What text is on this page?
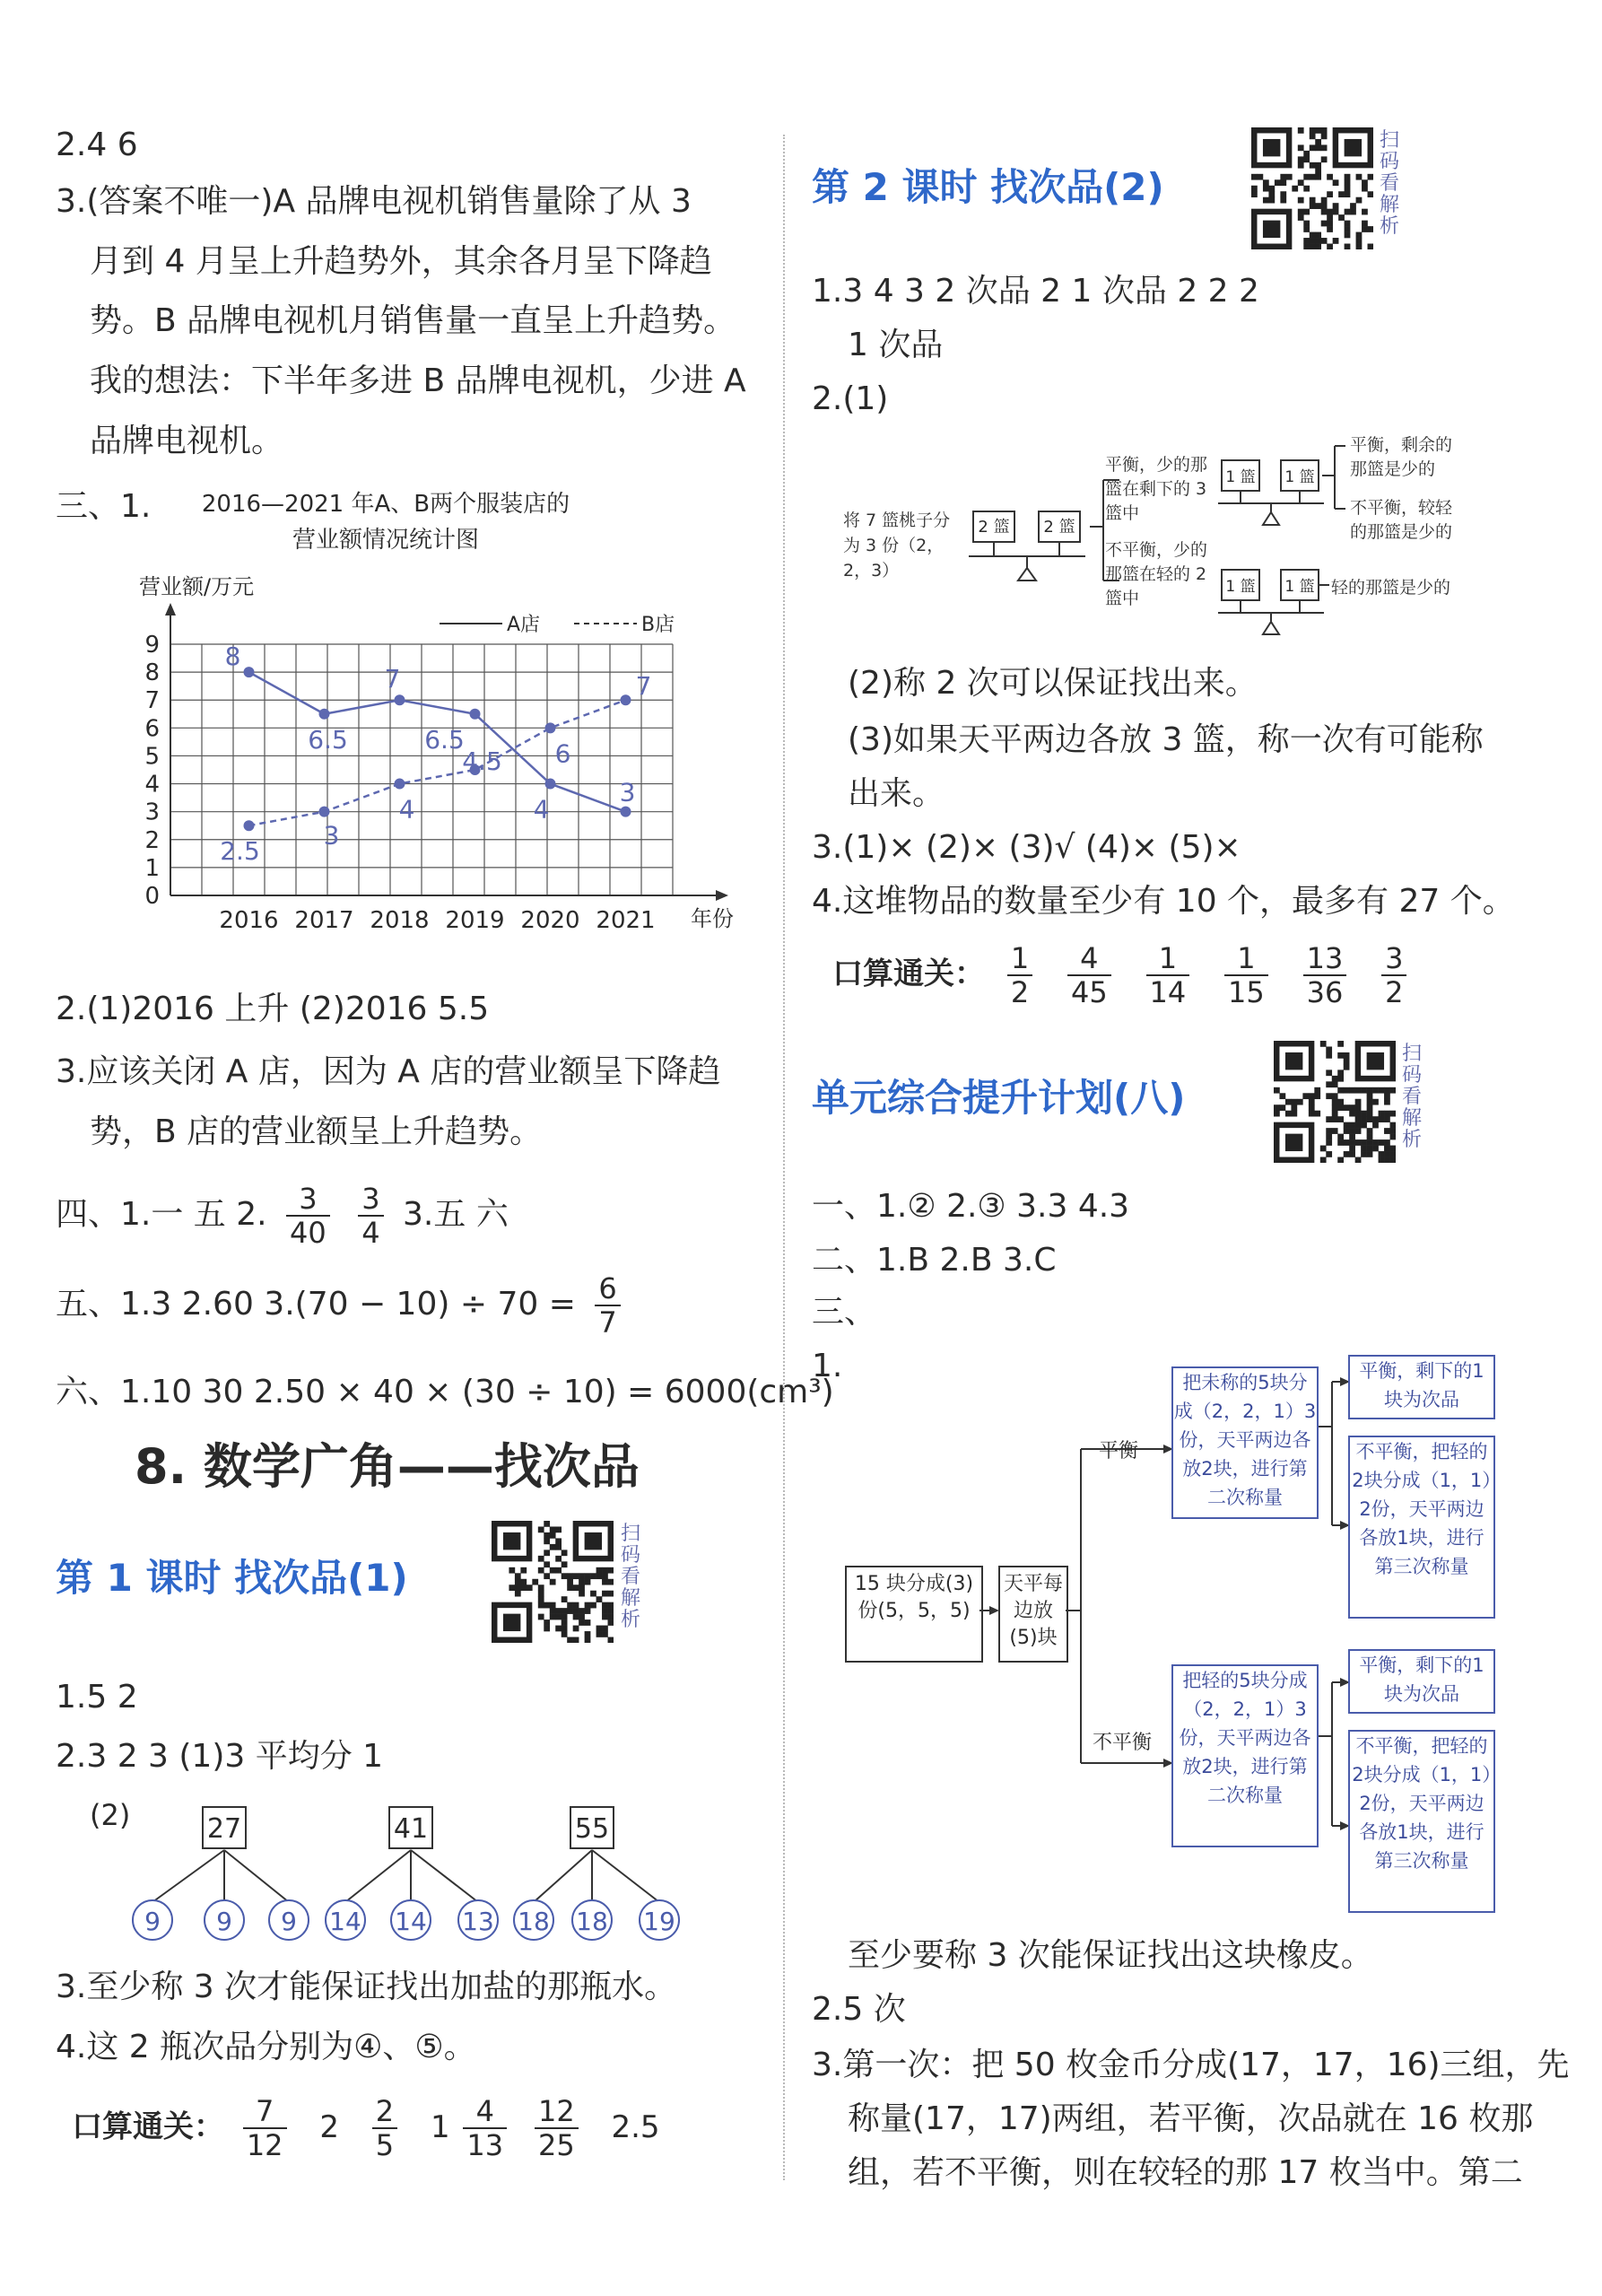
2.4 6
3.(答案不唯一)A 品牌电视机销售量除了从 3
月到 4 月呈上升趋势外，其余各月呈下降趋
势。B 品牌电视机月销售量一直呈上升趋势。
我的想法：下半年多进 B 品牌电视机，少进 A
品牌电视机。
三、1. 2016—2021 年A、B两个服装店的
营业额情况统计图
营业额/万元
年份
0
1
2
3
4
5
6
7
8
9
2016 2017 2018 2019 2020 2021
A店	B店
8
6.5
7
6.5
4
3
2.5
3
4
4.5 6
7
2.(1)2016 上升 (2)2016 5.5
3.应该关闭 A 店，因为 A 店的营业额呈下降趋
势，B 店的营业额呈上升趋势。
四、1.一 五 2. $\frac{3}{40}$
$\frac{3}{4} 3$.五 六
五、1.3 2.60 $3.(70 - 10) \div 70 = \frac{6}{7}$
六、1.10 30 2.50 × 40 × (30 ÷ 10) = 6000(cm³)
8. 数学广角——找次品
第 1 课时 找次品(1)
扫码看解析
1.5 2
2.3 2 3 (1)3 平均分 1
(2)	27	41	55
9 9 9 14 14 13 18 18 19
3.至少称 3 次才能保证找出加盐的那瓶水。
4.这 2 瓶次品分别为④、⑤。
口算通关： $\frac{7}{12} 2 \frac{2}{5} 1 \frac{4}{13}$
$\frac{12}{25} 2.5$
第 2 课时 找次品(2)
扫码看解析
1.3 4 3 2 次品 2 1 次品 2 2 2
1 次品
2.(1)
将 7 篮桃子分为 3 份（2，2，3）
2 篮 2 篮
平衡，少的那篮在剩下的 3 篮中
不平衡，少的那篮在轻的 2 篮中
1 篮 1 篮
1 篮 1 篮
平衡，剩余的那篮是少的
不平衡，较轻的那篮是少的
轻的那篮是少的
(2)称 2 次可以保证找出来。
(3)如果天平两边各放 3 篮，称一次有可能称
出来。
3.(1)× (2)× (3)√ (4)× (5)×
4.这堆物品的数量至少有 10 个，最多有 27 个。
口算通关： $\frac{1}{2}$
$\frac{4}{45}$
$\frac{1}{14}$
$\frac{1}{15}$
$\frac{13}{36}$
$\frac{3}{2}$
单元综合提升计划(八)
扫码看解析
一、1.② 2.③ 3.3 4.3
二、1.B 2.B 3.C
三、
1.
15 块分成(3)份(5，5，5)
天平每边放(5)块
平衡
不平衡
把未称的5块分成（2，2，1）3份，天平两边各放2块，进行第二次称量
把轻的5块分成（2，2，1）3份，天平两边各放2块，进行第二次称量
平衡，剩下的1块为次品
不平衡，把轻的2块分成（1，1）2份，天平两边各放1块，进行第三次称量
平衡，剩下的1块为次品
不平衡，把轻的2块分成（1，1）2份，天平两边各放1块，进行第三次称量
至少要称 3 次能保证找出这块橡皮。
2.5 次
3.第一次：把 50 枚金币分成(17，17，16)三组，先
称量(17，17)两组，若平衡，次品就在 16 枚那
组，若不平衡，则在较轻的那 17 枚当中。第二
